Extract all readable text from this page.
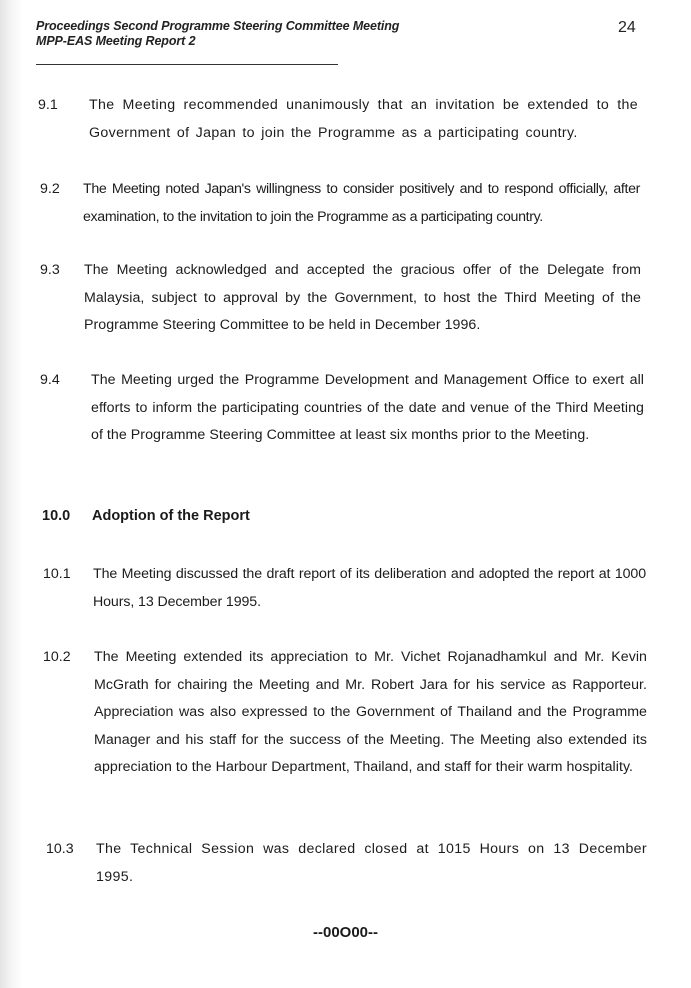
Proceedings Second Programme Steering Committee Meeting
MPP-EAS Meeting Report 2
24
9.1 The Meeting recommended unanimously that an invitation be extended to the Government of Japan to join the Programme as a participating country.
9.2 The Meeting noted Japan's willingness to consider positively and to respond officially, after examination, to the invitation to join the Programme as a participating country.
9.3 The Meeting acknowledged and accepted the gracious offer of the Delegate from Malaysia, subject to approval by the Government, to host the Third Meeting of the Programme Steering Committee to be held in December 1996.
9.4 The Meeting urged the Programme Development and Management Office to exert all efforts to inform the participating countries of the date and venue of the Third Meeting of the Programme Steering Committee at least six months prior to the Meeting.
10.0 Adoption of the Report
10.1 The Meeting discussed the draft report of its deliberation and adopted the report at 1000 Hours, 13 December 1995.
10.2 The Meeting extended its appreciation to Mr. Vichet Rojanadhamkul and Mr. Kevin McGrath for chairing the Meeting and Mr. Robert Jara for his service as Rapporteur. Appreciation was also expressed to the Government of Thailand and the Programme Manager and his staff for the success of the Meeting. The Meeting also extended its appreciation to the Harbour Department, Thailand, and staff for their warm hospitality.
10.3 The Technical Session was declared closed at 1015 Hours on 13 December 1995.
--00O00--
